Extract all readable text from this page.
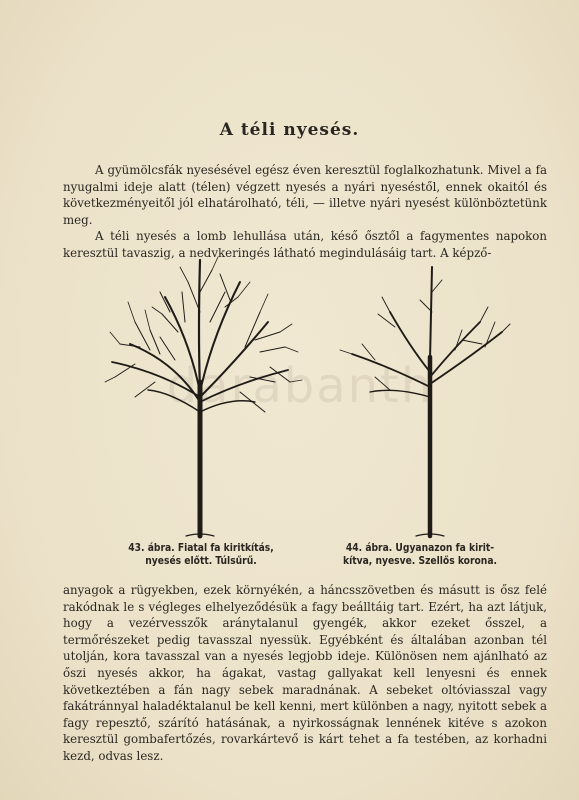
A téli nyesés.

A gyümölcsfák nyesésével egész éven keresztül foglalkozhatunk. Mivel a fa nyugalmi ideje alatt (télen) végzett nyesés a nyári nyeséstől, ennek okaitól és következményeitől jól elhatárolható, téli, — illetve nyári nyesést különböztetünk meg.

A téli nyesés a lomb lehullása után, késő ősztől a fagymentes napokon keresztül tavaszig, a nedvkeringés látható megindulásáig tart. A képző-

darabanth
43. ábra. Fiatal fa kiritkítás,
nyesés előtt. Túlsűrű.
44. ábra. Ugyanazon fa kirit-
kítva, nyesve. Szellős korona.

anyagok a rügyekben, ezek környékén, a háncsszövetben és másutt is ősz felé rakódnak le s végleges elhelyeződésük a fagy beálltáig tart. Ezért, ha azt látjuk, hogy a vezérvesszők aránytalanul gyengék, akkor ezeket ősszel, a termőrészeket pedig tavasszal nyessük. Egyébként és általában azonban tél utolján, kora tavasszal van a nyesés legjobb ideje. Különösen nem ajánlható az őszi nyesés akkor, ha ágakat, vastag gallyakat kell lenyesni és ennek következtében a fán nagy sebek maradnának. A sebeket oltóviasszal vagy fakátránnyal haladéktalanul be kell kenni, mert különben a nagy, nyitott sebek a fagy repesztő, szárító hatásának, a nyirkosságnak lennének kitéve s azokon keresztül gombafertőzés, rovarkártevő is kárt tehet a fa testében, az korhadni kezd, odvas lesz.
